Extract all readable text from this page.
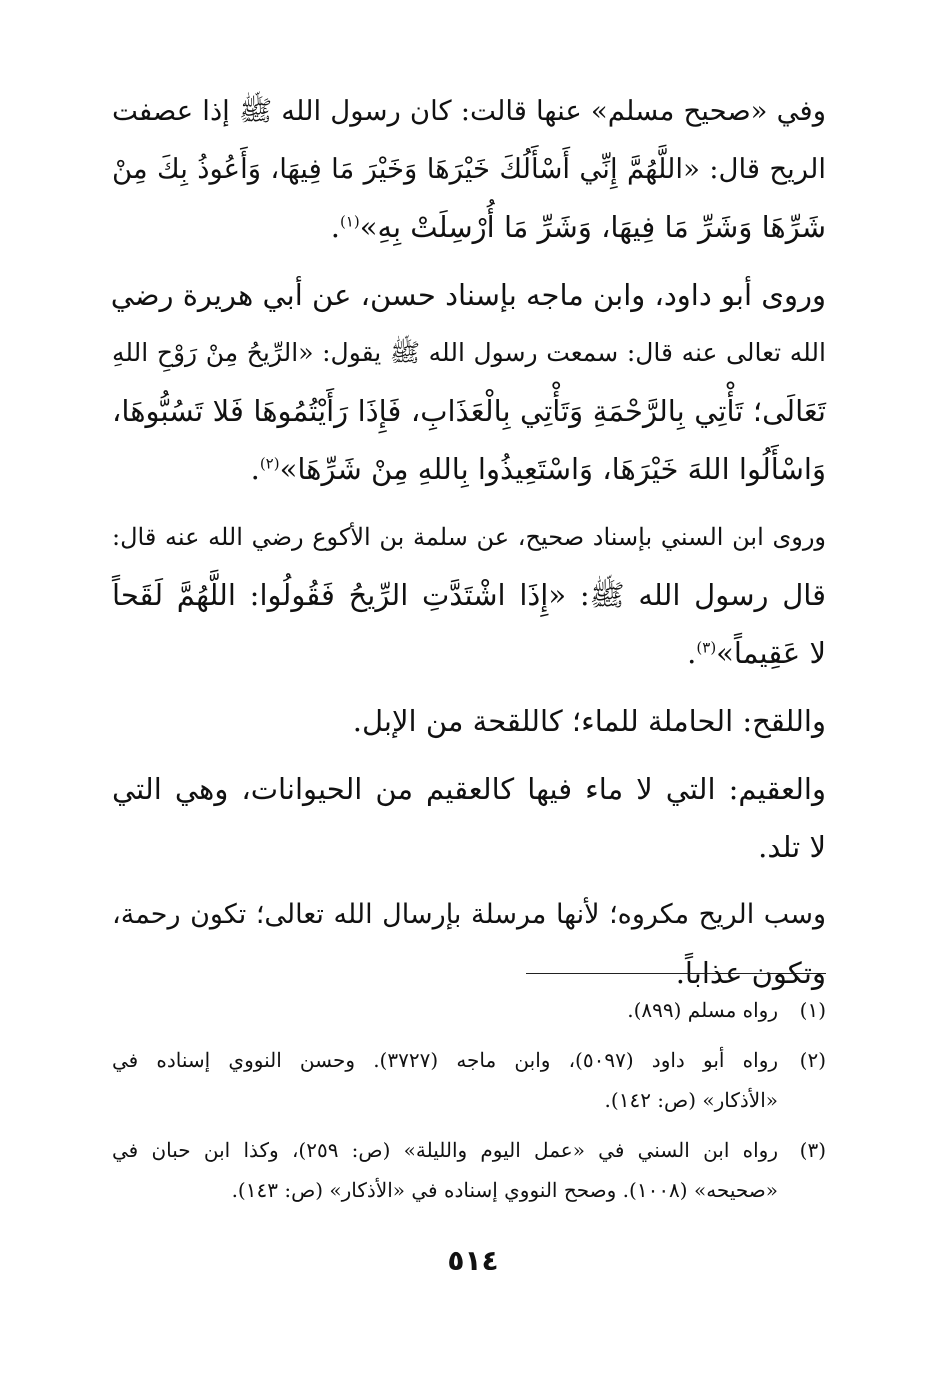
وفي «صحيح مسلم» عنها قالت: كان رسول الله ﷺ إذا عصفت
الريح قال: «اللَّهُمَّ إِنِّي أَسْأَلُكَ خَيْرَهَا وَخَيْرَ مَا فِيهَا، وَأَعُوذُ بِكَ مِنْ
شَرِّهَا وَشَرِّ مَا فِيهَا، وَشَرِّ مَا أُرْسِلَتْ بِهِ»$^{(١)}$.
وروى أبو داود، وابن ماجه بإسناد حسن، عن أبي هريرة رضي
الله تعالى عنه قال: سمعت رسول الله ﷺ يقول: «الرِّيحُ مِنْ رَوْحِ اللهِ
تَعَالَى؛ تَأْتِي بِالرَّحْمَةِ وَتَأْتِي بِالْعَذَابِ، فَإِذَا رَأَيْتُمُوهَا فَلا تَسُبُّوهَا،
وَاسْأَلُوا اللهَ خَيْرَهَا، وَاسْتَعِيذُوا بِاللهِ مِنْ شَرِّهَا»$^{(٢)}$.
وروى ابن السني بإسناد صحيح، عن سلمة بن الأكوع رضي الله عنه قال:
قال رسول الله ﷺ: «إِذَا اشْتَدَّتِ الرِّيحُ فَقُولُوا: اللَّهُمَّ لَقَحاً
لا عَقِيماً»$^{(٣)}$.
واللقح: الحاملة للماء؛ كاللقحة من الإبل.
والعقيم: التي لا ماء فيها كالعقيم من الحيوانات، وهي التي
لا تلد.
وسب الريح مكروه؛ لأنها مرسلة بإرسال الله تعالى؛ تكون رحمة،
وتكون عذاباً.
(١)
رواه مسلم (٨٩٩).
(٢)
رواه أبو داود (٥٠٩٧)، وابن ماجه (٣٧٢٧). وحسن النووي إسناده في
«الأذكار» (ص: ١٤٢).
(٣)
رواه ابن السني في «عمل اليوم والليلة» (ص: ٢٥٩)، وكذا ابن حبان في
«صحيحه» (١٠٠٨). وصحح النووي إسناده في «الأذكار» (ص: ١٤٣).
٥١٤
